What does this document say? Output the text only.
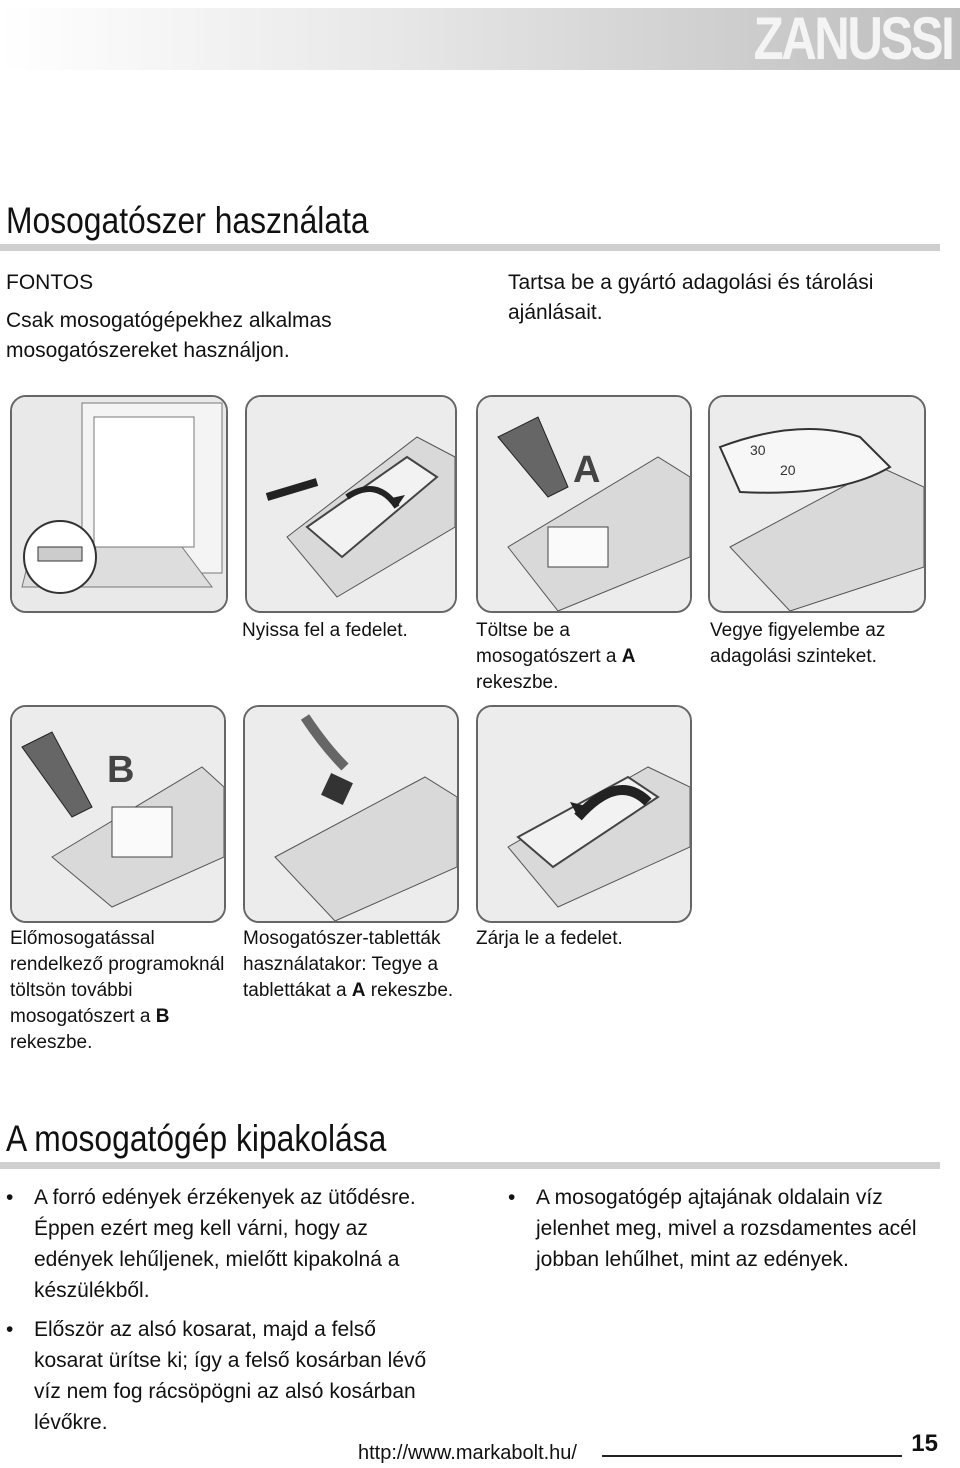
ZANUSSI
Mosogatószer használata
FONTOS
Csak mosogatógépekhez alkalmas mosogatószereket használjon.
Tartsa be a gyártó adagolási és tárolási ajánlásait.
A	30
20
Nyissa fel a fedelet.	Töltse be a mosogatószert a A rekeszbe.
Vegye figyelembe az adagolási szinteket.
B
Előmosogatással rendelkező programoknál töltsön további mosogatószert a B rekeszbe.
Mosogatószer-tabletták használatakor: Tegye a tablettákat a A rekeszbe.
Zárja le a fedelet.
A mosogatógép kipakolása
• A forró edények érzékenyek az ütődésre. Éppen ezért meg kell várni, hogy az edények lehűljenek, mielőtt kipakolná a készülékből.
• Először az alsó kosarat, majd a felső kosarat ürítse ki; így a felső kosárban lévő víz nem fog rácsöpögni az alsó kosárban lévőkre.
• A mosogatógép ajtajának oldalain víz jelenhet meg, mivel a rozsdamentes acél jobban lehűlhet, mint az edények.
http://www.markabolt.hu/	15
